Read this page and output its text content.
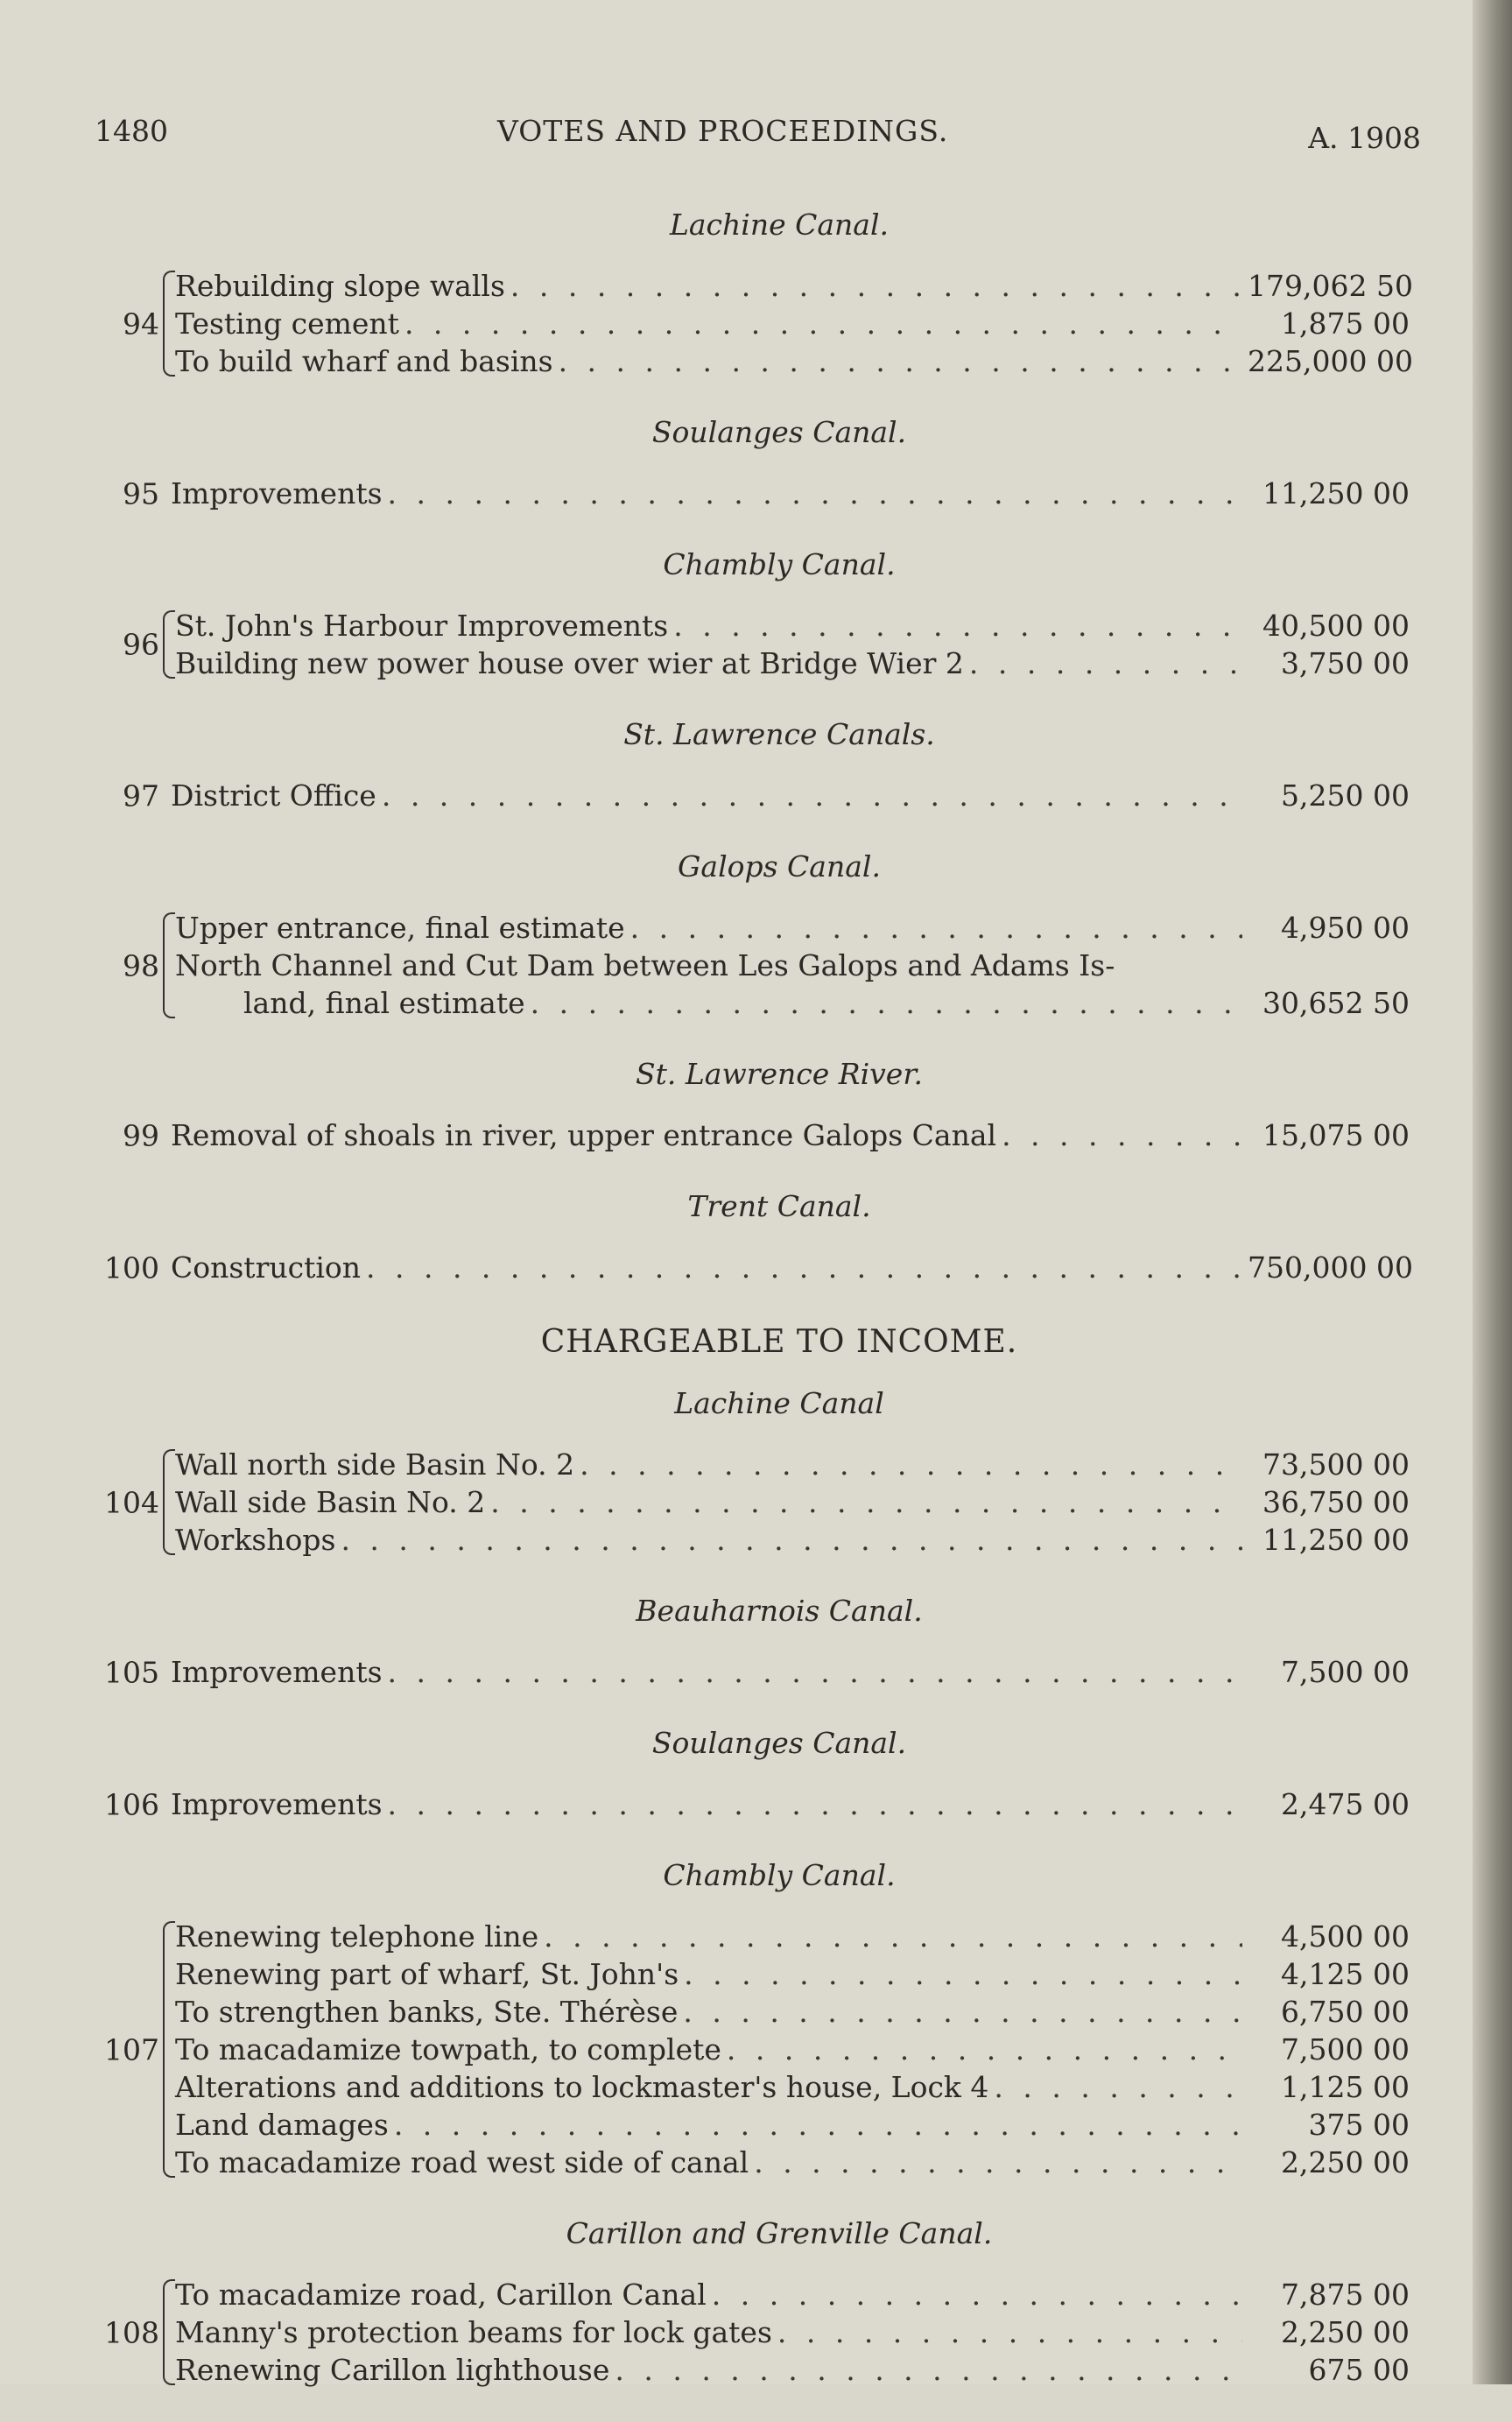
1480	VOTES AND PROCEEDINGS.	A. 1908
Lachine Canal.
94
Rebuilding slope walls . . .	179,062 50
Testing cement . . .	1,875 00
To build wharf and basins . . .	225,000 00
Soulanges Canal.
95 Improvements . . .	11,250 00
Chambly Canal.
96
St. John's Harbour Improvements . . .	40,500 00
Building new power house over wier at Bridge Wier 2 . . .	3,750 00
St. Lawrence Canals.
97 District Office . . .	5,250 00
Galops Canal.
98
Upper entrance, final estimate . . .	4,950 00
North Channel and Cut Dam between Les Galops and Adams Is-
land, final estimate . . .	30,652 50
St. Lawrence River.
99 Removal of shoals in river, upper entrance Galops Canal . . .	15,075 00
Trent Canal.
100 Construction . . .	750,000 00
CHARGEABLE TO INCOME.
Lachine Canal
104
Wall north side Basin No. 2 . . .	73,500 00
Wall side Basin No. 2 . . .	36,750 00
Workshops . . .	11,250 00
Beauharnois Canal.
105 Improvements . . .	7,500 00
Soulanges Canal.
106 Improvements . . .	2,475 00
Chambly Canal.
107
Renewing telephone line . . .	4,500 00
Renewing part of wharf, St. John's . . .	4,125 00
To strengthen banks, Ste. Thérèse . . .	6,750 00
To macadamize towpath, to complete . . .	7,500 00
Alterations and additions to lockmaster's house, Lock 4 . . .	1,125 00
Land damages . . .	375 00
To macadamize road west side of canal . . .	2,250 00
Carillon and Grenville Canal.
108
To macadamize road, Carillon Canal . . .	7,875 00
Manny's protection beams for lock gates . . .	2,250 00
Renewing Carillon lighthouse . . .	675 00
